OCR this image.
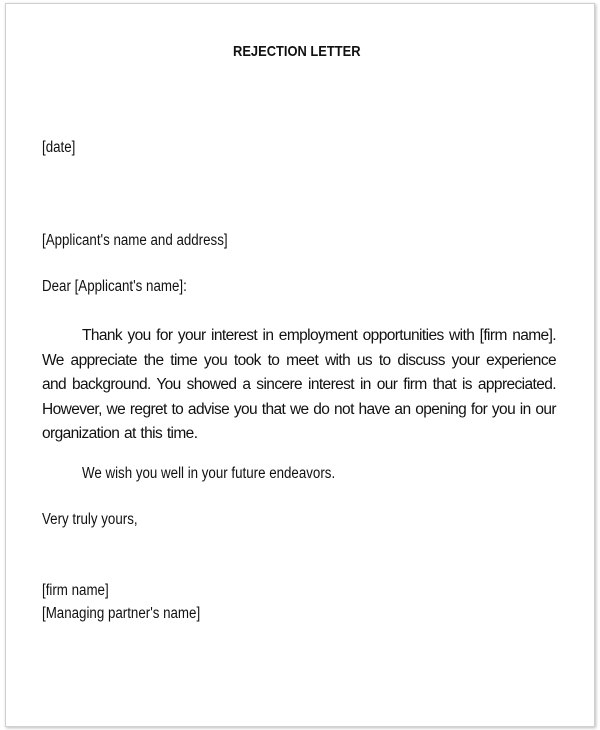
REJECTION LETTER
[date]
[Applicant's name and address]
Dear [Applicant's name]:
Thank you for your interest in employment opportunities with [firm name]. We appreciate the time you took to meet with us to discuss your experience and background. You showed a sincere interest in our firm that is appreciated. However, we regret to advise you that we do not have an opening for you in our organization at this time.
We wish you well in your future endeavors.
Very truly yours,
[firm name]
[Managing partner's name]
